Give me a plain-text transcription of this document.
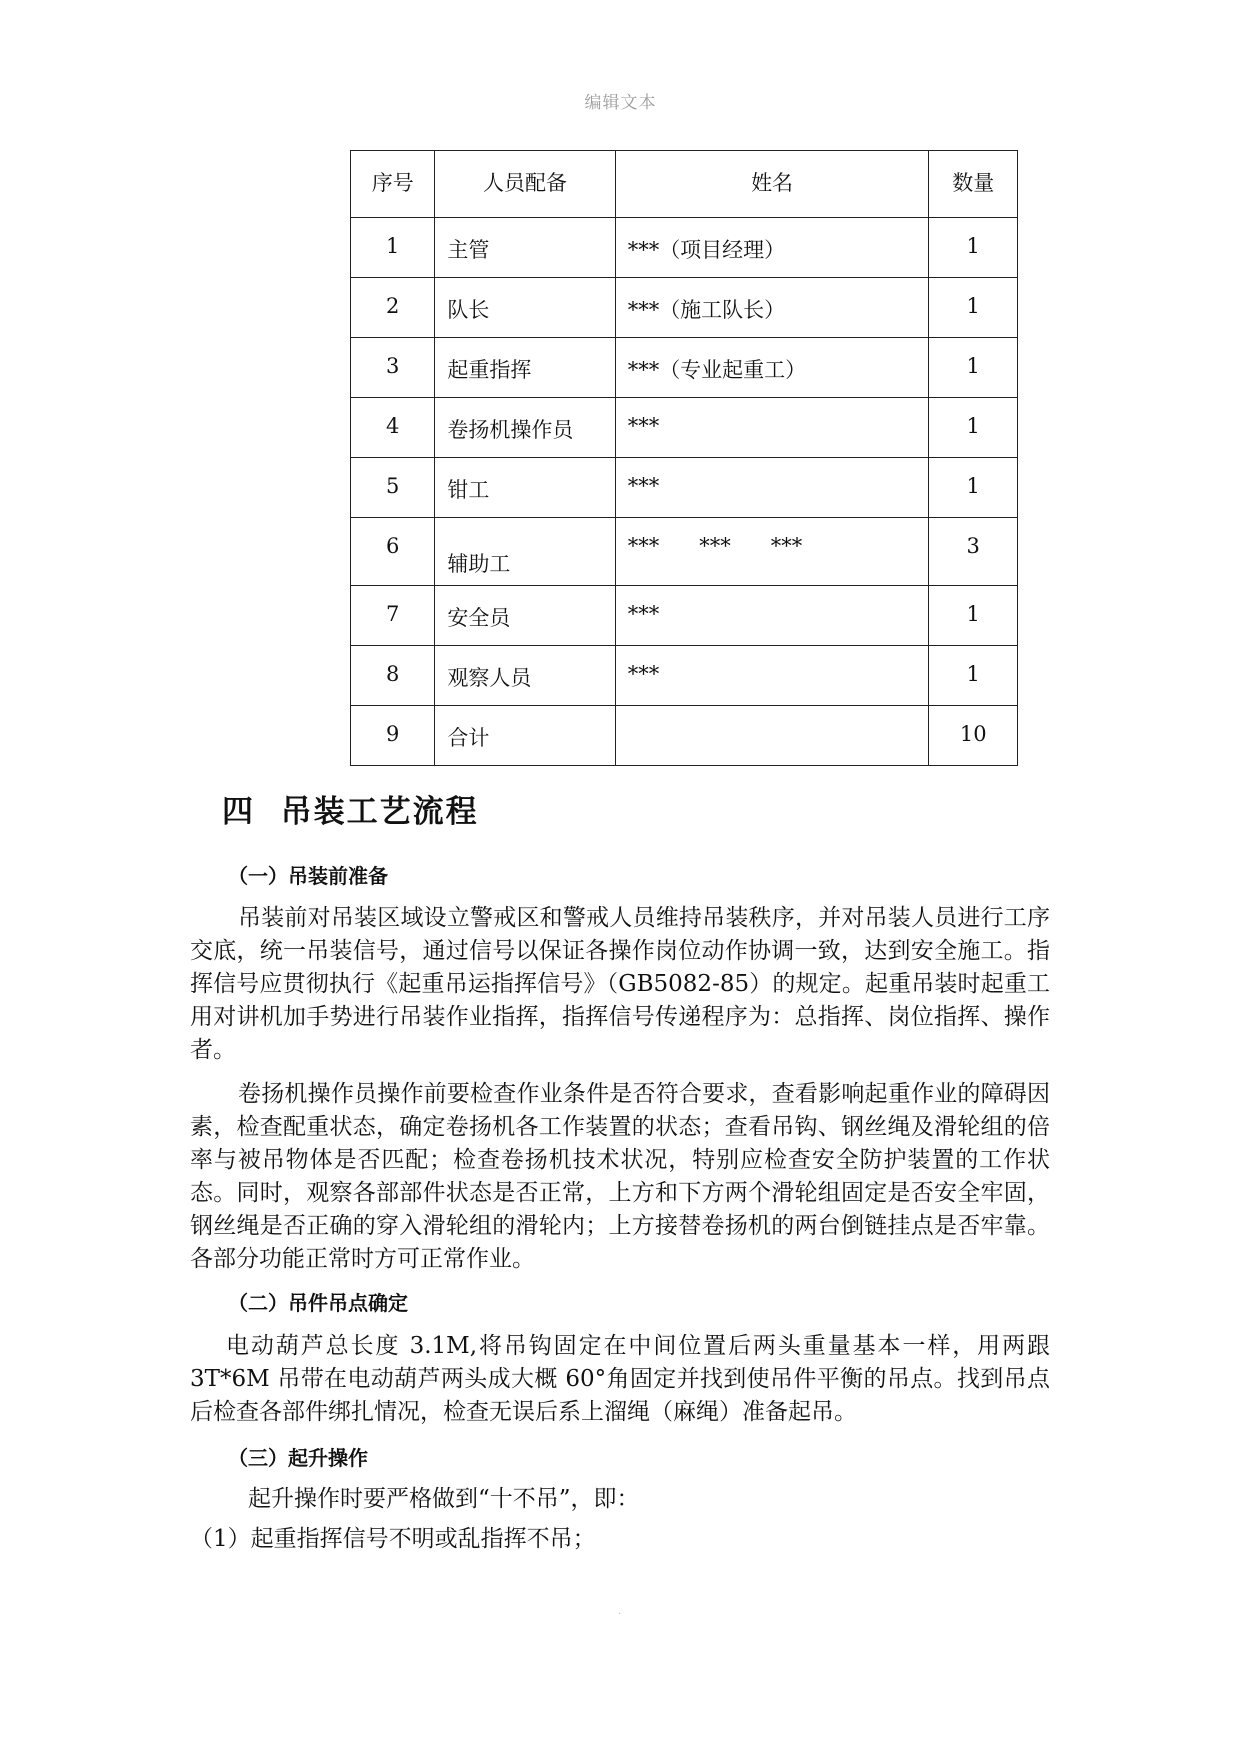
编辑文本
序号	人员配备	姓名	数量
1	主管	***（项目经理）	1
2	队长	***（施工队长）	1
3	起重指挥	***（专业起重工）	1
4	卷扬机操作员	***	1
5	钳工	***	1
6	辅助工	***      ***      ***	3
7	安全员	***	1
8	观察人员	***	1
9	合计		10
四  吊装工艺流程
（一）吊装前准备
吊装前对吊装区域设立警戒区和警戒人员维持吊装秩序，并对吊装人员进行工序交底，统一吊装信号，通过信号以保证各操作岗位动作协调一致，达到安全施工。指挥信号应贯彻执行《起重吊运指挥信号》（GB5082-85）的规定。起重吊装时起重工用对讲机加手势进行吊装作业指挥，指挥信号传递程序为：总指挥、岗位指挥、操作者。
卷扬机操作员操作前要检查作业条件是否符合要求，查看影响起重作业的障碍因素，检查配重状态，确定卷扬机各工作装置的状态；查看吊钩、钢丝绳及滑轮组的倍率与被吊物体是否匹配；检查卷扬机技术状况，特别应检查安全防护装置的工作状态。同时，观察各部部件状态是否正常，上方和下方两个滑轮组固定是否安全牢固，钢丝绳是否正确的穿入滑轮组的滑轮内；上方接替卷扬机的两台倒链挂点是否牢靠。各部分功能正常时方可正常作业。
（二）吊件吊点确定
电动葫芦总长度 3.1M,将吊钩固定在中间位置后两头重量基本一样，用两跟3T*6M 吊带在电动葫芦两头成大概 60°角固定并找到使吊件平衡的吊点。找到吊点后检查各部件绑扎情况，检查无误后系上溜绳（麻绳）准备起吊。
（三）起升操作
起升操作时要严格做到“十不吊”，即：
（1）起重指挥信号不明或乱指挥不吊；
.
